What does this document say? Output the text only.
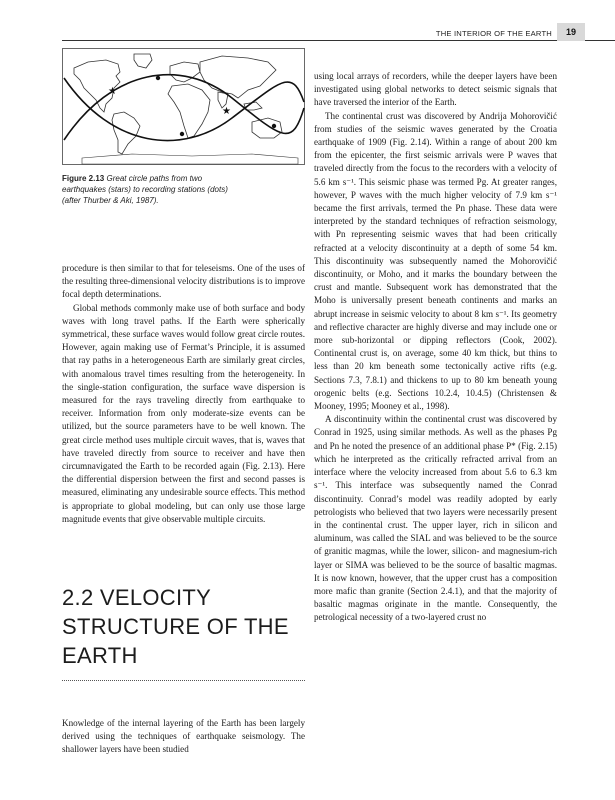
THE INTERIOR OF THE EARTH	19
★
★
Figure 2.13 Great circle paths from two earthquakes (stars) to recording stations (dots) (after Thurber & Aki, 1987).

procedure is then similar to that for teleseisms. One of the uses of the resulting three-dimensional velocity distributions is to improve focal depth determinations.

Global methods commonly make use of both surface and body waves with long travel paths. If the Earth were spherically symmetrical, these surface waves would follow great circle routes. However, again making use of Fermat’s Principle, it is assumed that ray paths in a heterogeneous Earth are similarly great circles, with anomalous travel times resulting from the heterogeneity. In the single-station configuration, the surface wave dispersion is measured for the rays traveling directly from earthquake to receiver. Information from only moderate-size events can be utilized, but the source parameters have to be well known. The great circle method uses multiple circuit waves, that is, waves that have traveled directly from source to receiver and have then circumnavigated the Earth to be recorded again (Fig. 2.13). Here the differential dispersion between the first and second passes is measured, eliminating any undesirable source effects. This method is appropriate to global modeling, but can only use those large magnitude events that give observable multiple circuits.

2.2 VELOCITY STRUCTURE OF THE EARTH

Knowledge of the internal layering of the Earth has been largely derived using the techniques of earthquake seismology. The shallower layers have been studied

using local arrays of recorders, while the deeper layers have been investigated using global networks to detect seismic signals that have traversed the interior of the Earth.

The continental crust was discovered by Andrija Mohorovičić from studies of the seismic waves generated by the Croatia earthquake of 1909 (Fig. 2.14). Within a range of about 200 km from the epicenter, the first seismic arrivals were P waves that traveled directly from the focus to the recorders with a velocity of 5.6 km s⁻¹. This seismic phase was termed Pg. At greater ranges, however, P waves with the much higher velocity of 7.9 km s⁻¹ became the first arrivals, termed the Pn phase. These data were interpreted by the standard techniques of refraction seismology, with Pn representing seismic waves that had been critically refracted at a velocity discontinuity at a depth of some 54 km. This discontinuity was subsequently named the Mohorovičić discontinuity, or Moho, and it marks the boundary between the crust and mantle. Subsequent work has demonstrated that the Moho is universally present beneath continents and marks an abrupt increase in seismic velocity to about 8 km s⁻¹. Its geometry and reflective character are highly diverse and may include one or more sub-horizontal or dipping reflectors (Cook, 2002). Continental crust is, on average, some 40 km thick, but thins to less than 20 km beneath some tectonically active rifts (e.g. Sections 7.3, 7.8.1) and thickens to up to 80 km beneath young orogenic belts (e.g. Sections 10.2.4, 10.4.5) (Christensen & Mooney, 1995; Mooney et al., 1998).

A discontinuity within the continental crust was discovered by Conrad in 1925, using similar methods. As well as the phases Pg and Pn he noted the presence of an additional phase P* (Fig. 2.15) which he interpreted as the critically refracted arrival from an interface where the velocity increased from about 5.6 to 6.3 km s⁻¹. This interface was subsequently named the Conrad discontinuity. Conrad’s model was readily adopted by early petrologists who believed that two layers were necessarily present in the continental crust. The upper layer, rich in silicon and aluminum, was called the SIAL and was believed to be the source of granitic magmas, while the lower, silicon- and magnesium-rich layer or SIMA was believed to be the source of basaltic magmas. It is now known, however, that the upper crust has a composition more mafic than granite (Section 2.4.1), and that the majority of basaltic magmas originate in the mantle. Consequently, the petrological necessity of a two-layered crust no
